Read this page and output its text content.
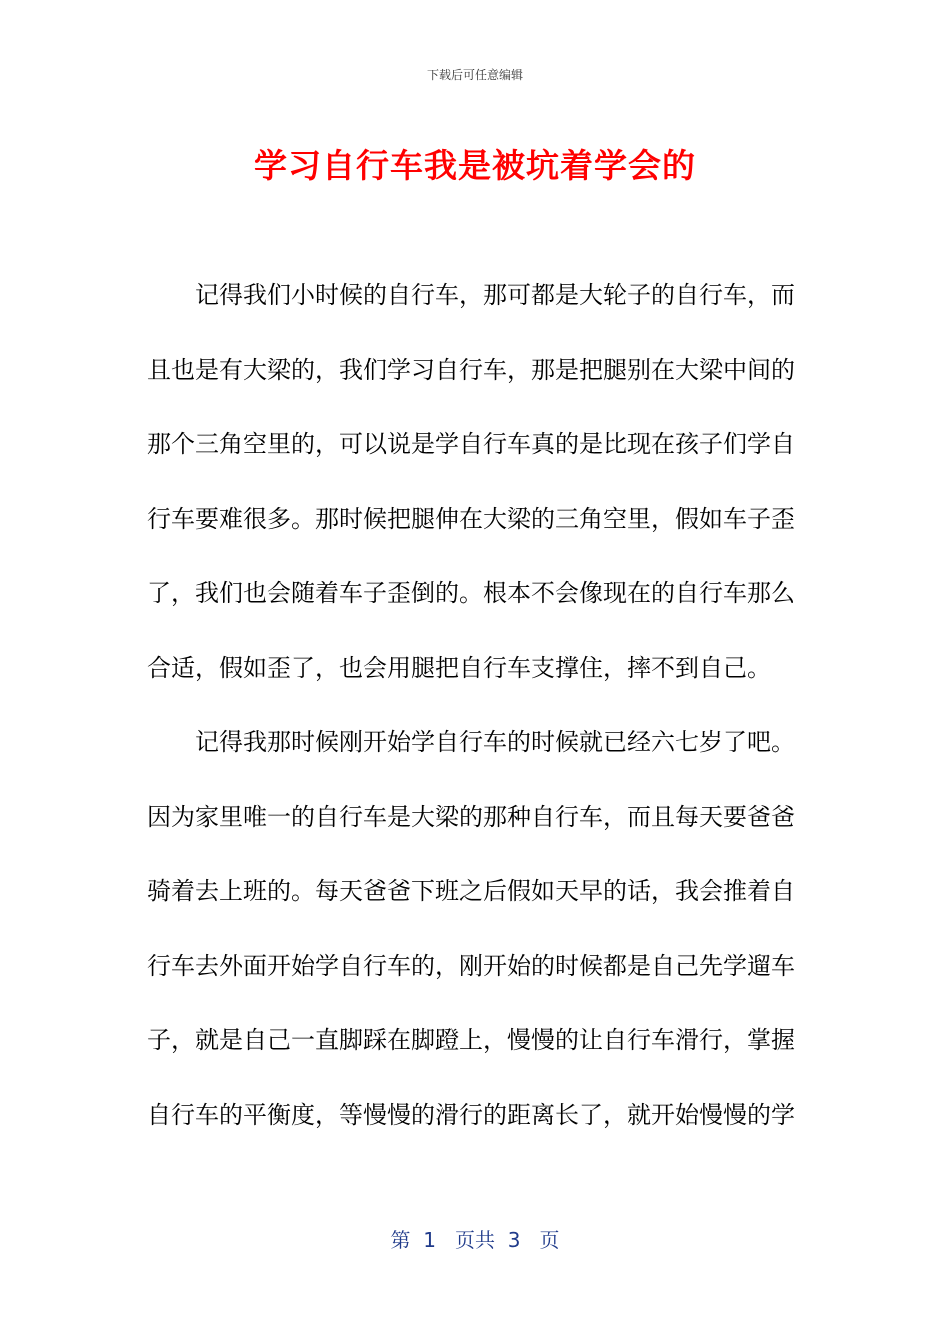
下载后可任意编辑
学习自行车我是被坑着学会的
记得我们小时候的自行车，那可都是大轮子的自行车，而
且也是有大梁的，我们学习自行车，那是把腿别在大梁中间的
那个三角空里的，可以说是学自行车真的是比现在孩子们学自
行车要难很多。那时候把腿伸在大梁的三角空里，假如车子歪
了，我们也会随着车子歪倒的。根本不会像现在的自行车那么
合适，假如歪了，也会用腿把自行车支撑住，摔不到自己。
记得我那时候刚开始学自行车的时候就已经六七岁了吧。
因为家里唯一的自行车是大梁的那种自行车，而且每天要爸爸
骑着去上班的。每天爸爸下班之后假如天早的话，我会推着自
行车去外面开始学自行车的，刚开始的时候都是自己先学遛车
子，就是自己一直脚踩在脚蹬上，慢慢的让自行车滑行，掌握
自行车的平衡度，等慢慢的滑行的距离长了，就开始慢慢的学
第  1   页共  3   页
